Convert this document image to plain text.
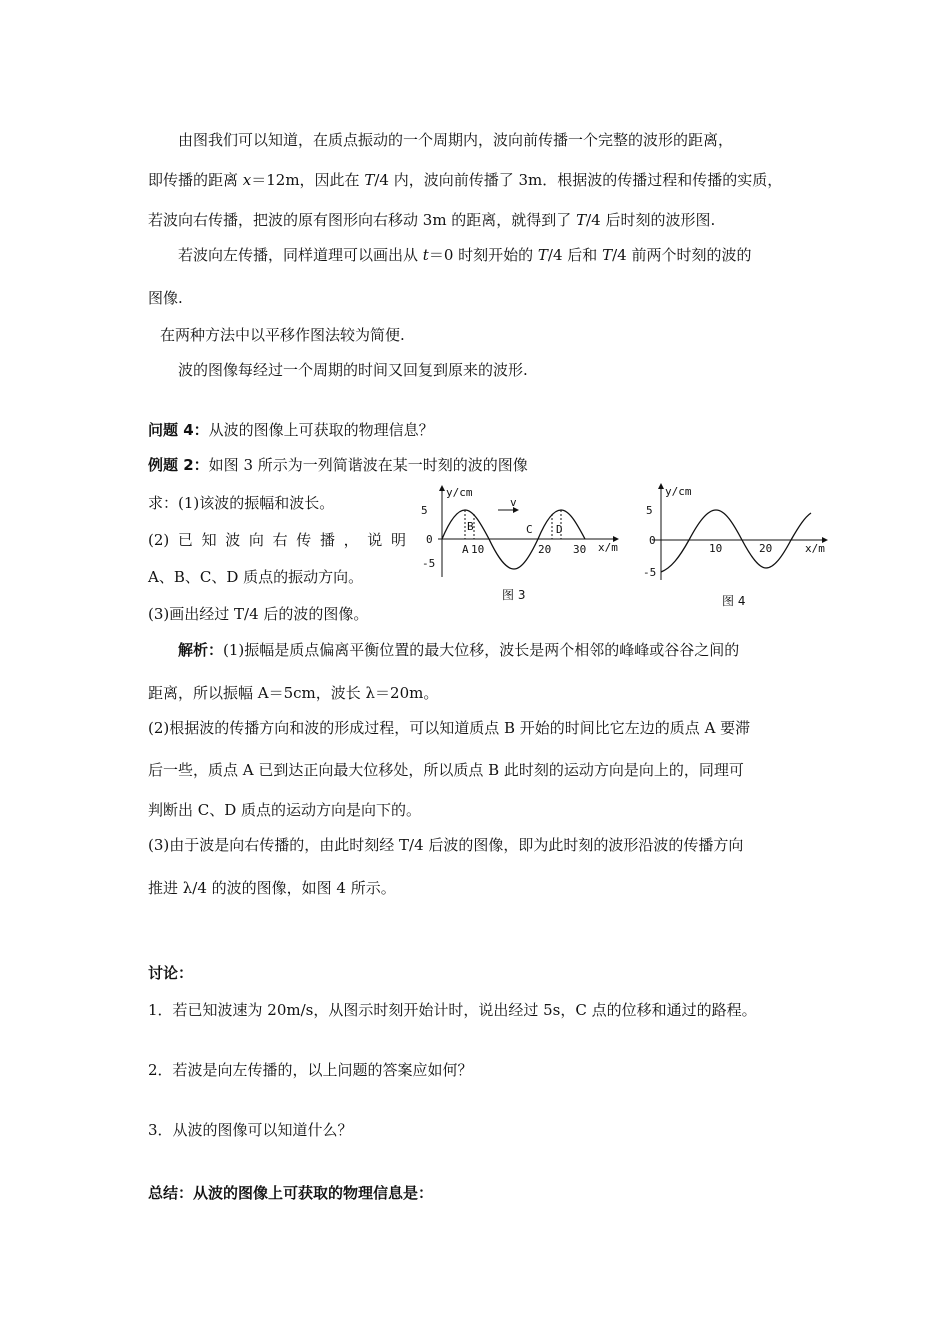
由图我们可以知道，在质点振动的一个周期内，波向前传播一个完整的波形的距离，
即传播的距离 x＝12m，因此在 T/4 内，波向前传播了 3m．根据波的传播过程和传播的实质，
若波向右传播，把波的原有图形向右移动 3m 的距离，就得到了 T/4 后时刻的波形图.
若波向左传播，同样道理可以画出从 t＝0 时刻开始的 T/4 后和 T/4 前两个时刻的波的
图像.
在两种方法中以平移作图法较为简便.
波的图像每经过一个周期的时间又回复到原来的波形.
问题 4：从波的图像上可获取的物理信息？
例题 2：如图 3 所示为一列简谐波在某一时刻的波的图像
求：(1)该波的振幅和波长。
(2) 已 知 波 向 右 传 播 ， 说 明
A、B、C、D 质点的振动方向。
(3)画出经过 T/4 后的波的图像。
y/cm
x/m
5
0
-5
10	20 30
B
A
C D
v
图 3
y/cm
x/m
5
0
-5
10	20
图 4
解析：(1)振幅是质点偏离平衡位置的最大位移，波长是两个相邻的峰峰或谷谷之间的
距离，所以振幅 A＝5cm，波长 λ＝20m。
(2)根据波的传播方向和波的形成过程，可以知道质点 B 开始的时间比它左边的质点 A 要滞
后一些，质点 A 已到达正向最大位移处，所以质点 B 此时刻的运动方向是向上的，同理可
判断出 C、D 质点的运动方向是向下的。
(3)由于波是向右传播的，由此时刻经 T/4 后波的图像，即为此时刻的波形沿波的传播方向
推进 λ/4 的波的图像，如图 4 所示。
讨论：
1．若已知波速为 20m/s，从图示时刻开始计时，说出经过 5s，C 点的位移和通过的路程。
2．若波是向左传播的，以上问题的答案应如何？
3．从波的图像可以知道什么？
总结：从波的图像上可获取的物理信息是：
